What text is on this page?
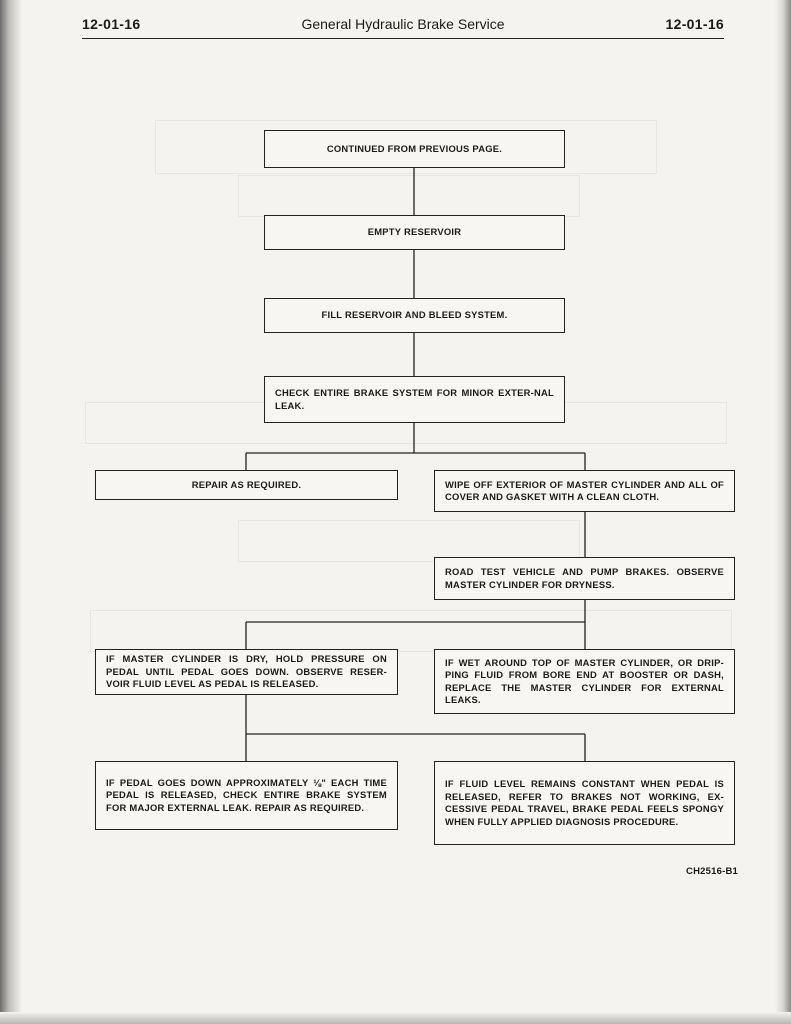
12-01-16	General Hydraulic Brake Service	12-01-16
CONTINUED FROM PREVIOUS PAGE.
EMPTY RESERVOIR
FILL RESERVOIR AND BLEED SYSTEM.
CHECK ENTIRE BRAKE SYSTEM FOR MINOR EXTER-NAL LEAK.
REPAIR AS REQUIRED.	WIPE OFF EXTERIOR OF MASTER CYLINDER AND ALL OF COVER AND GASKET WITH A CLEAN CLOTH.
ROAD TEST VEHICLE AND PUMP BRAKES. OBSERVE MASTER CYLINDER FOR DRYNESS.
IF MASTER CYLINDER IS DRY, HOLD PRESSURE ON PEDAL UNTIL PEDAL GOES DOWN. OBSERVE RESER-VOIR FLUID LEVEL AS PEDAL IS RELEASED.
IF WET AROUND TOP OF MASTER CYLINDER, OR DRIP-PING FLUID FROM BORE END AT BOOSTER OR DASH, REPLACE THE MASTER CYLINDER FOR EXTERNAL LEAKS.
IF PEDAL GOES DOWN APPROXIMATELY ⅛" EACH TIME PEDAL IS RELEASED, CHECK ENTIRE BRAKE SYSTEM FOR MAJOR EXTERNAL LEAK. REPAIR AS REQUIRED.
IF FLUID LEVEL REMAINS CONSTANT WHEN PEDAL IS RELEASED, REFER TO BRAKES NOT WORKING, EX-CESSIVE PEDAL TRAVEL, BRAKE PEDAL FEELS SPONGY WHEN FULLY APPLIED DIAGNOSIS PROCEDURE.
CH2516-B1
